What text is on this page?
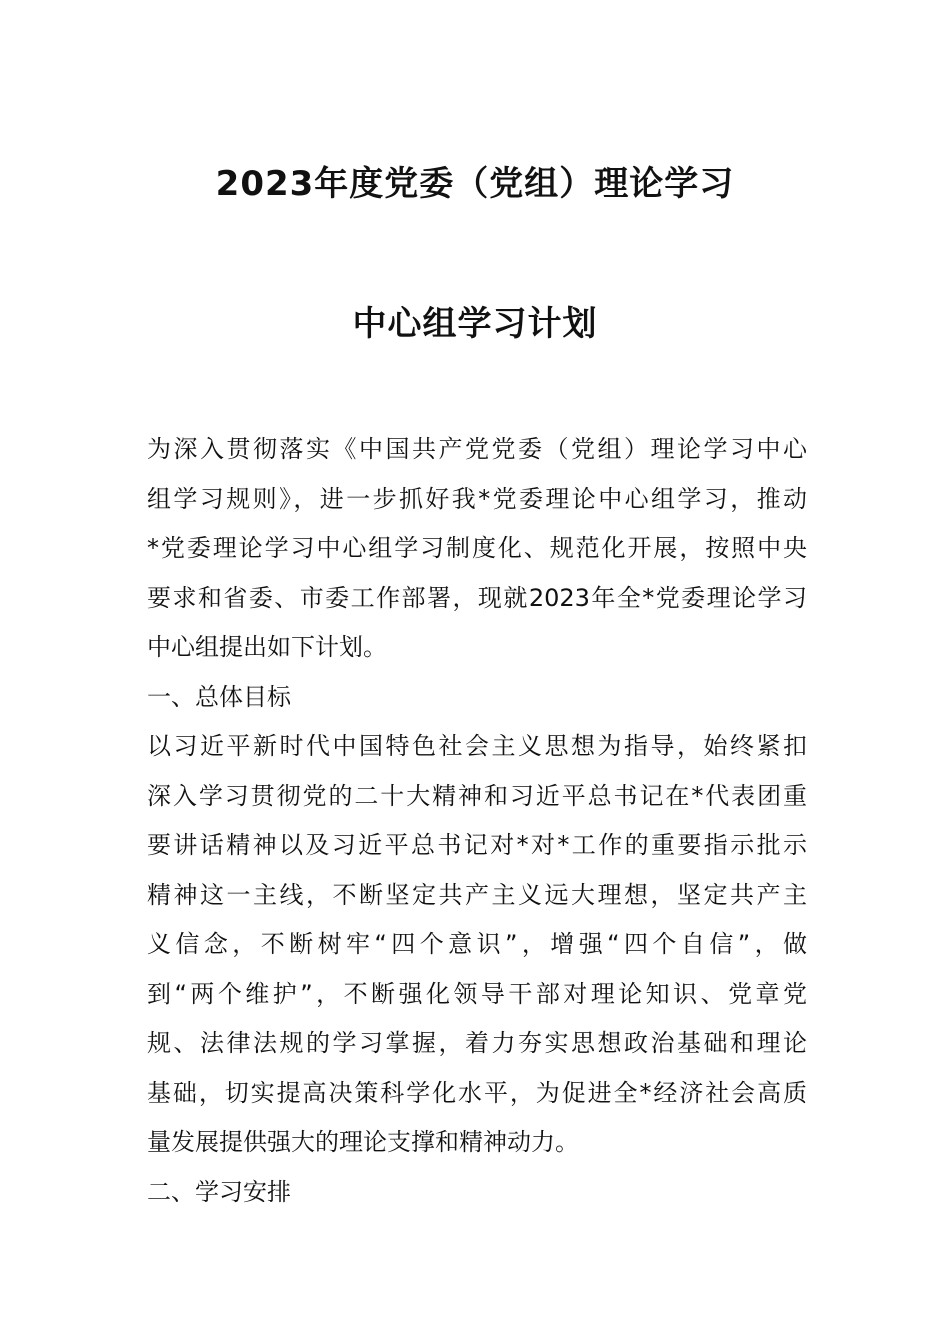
2023年度党委（党组）理论学习
中心组学习计划
为深入贯彻落实《中国共产党党委（党组）理论学习中心
组学习规则》，进一步抓好我*党委理论中心组学习，推动
*党委理论学习中心组学习制度化、规范化开展，按照中央
要求和省委、市委工作部署，现就2023年全*党委理论学习
中心组提出如下计划。
一、总体目标
以习近平新时代中国特色社会主义思想为指导，始终紧扣
深入学习贯彻党的二十大精神和习近平总书记在*代表团重
要讲话精神以及习近平总书记对*对*工作的重要指示批示
精神这一主线，不断坚定共产主义远大理想，坚定共产主
义信念，不断树牢“四个意识”，增强“四个自信”，做
到“两个维护”，不断强化领导干部对理论知识、党章党
规、法律法规的学习掌握，着力夯实思想政治基础和理论
基础，切实提高决策科学化水平，为促进全*经济社会高质
量发展提供强大的理论支撑和精神动力。
二、学习安排
